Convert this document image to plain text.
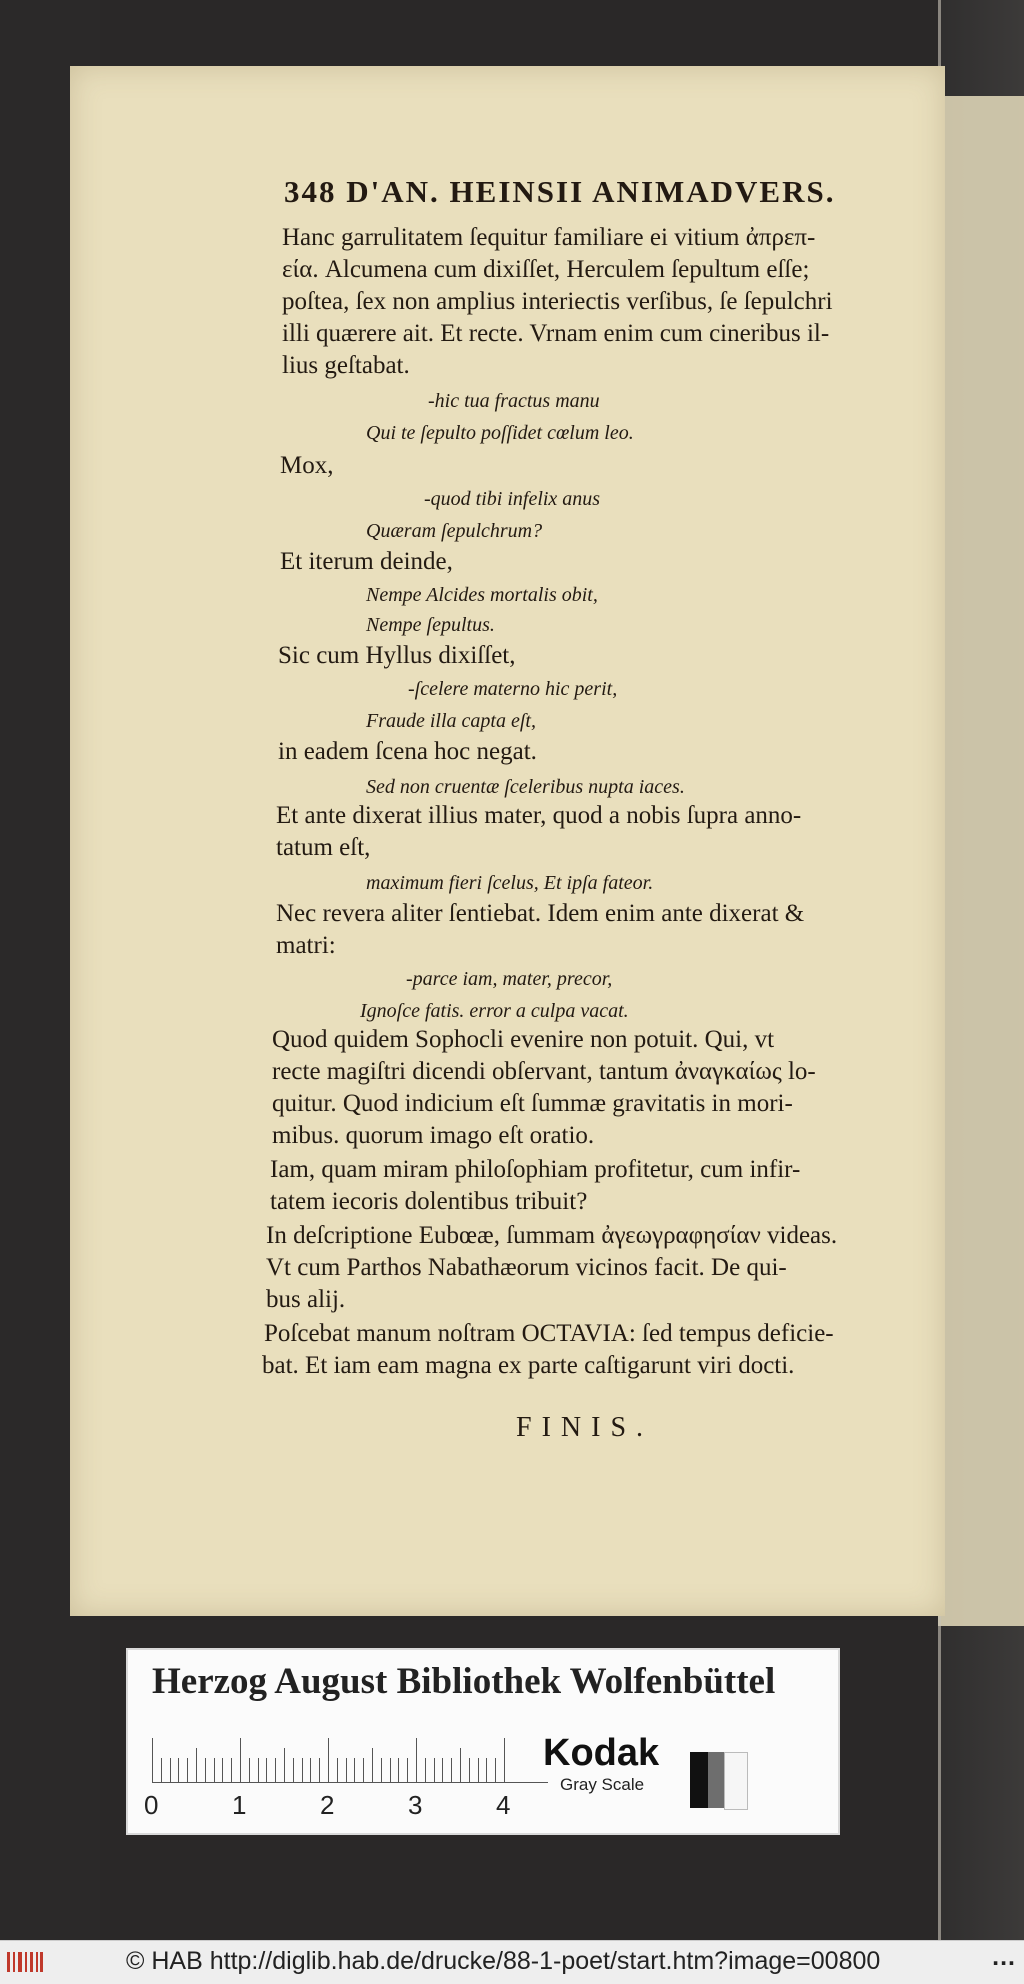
348 D'AN. HEINSII ANIMADVERS.
Hanc garrulitatem ſequitur familiare ei vitium ἀπρεπ-
εία. Alcumena cum dixiſſet, Herculem ſepultum eſſe;
poſtea, ſex non amplius interiectis verſibus, ſe ſepulchri
illi quærere ait. Et recte. Vrnam enim cum cineribus il-
lius geſtabat.
-hic tua fractus manu
Qui te ſepulto poſſidet cœlum leo.
Mox,
-quod tibi infelix anus
Quæram ſepulchrum?
Et iterum deinde,
Nempe Alcides mortalis obit,
Nempe ſepultus.
Sic cum Hyllus dixiſſet,
-ſcelere materno hic perit,
Fraude illa capta eſt,
in eadem ſcena hoc negat.
Sed non cruentæ ſceleribus nupta iaces.
Et ante dixerat illius mater, quod a nobis ſupra anno-
tatum eſt,
maximum fieri ſcelus, Et ipſa fateor.
Nec revera aliter ſentiebat. Idem enim ante dixerat &
matri:
-parce iam, mater, precor,
Ignoſce fatis. error a culpa vacat.
Quod quidem Sophocli evenire non potuit. Qui, vt
recte magiſtri dicendi obſervant, tantum ἀναγκαίως lo-
quitur. Quod indicium eſt ſummæ gravitatis in mori-
mibus. quorum imago eſt oratio.
Iam, quam miram philoſophiam profitetur, cum infir-
tatem iecoris dolentibus tribuit?
In deſcriptione Eubœæ, ſummam ἀγεωγραφησίαν videas.
Vt cum Parthos Nabathæorum vicinos facit. De qui-
bus alij.
Poſcebat manum noſtram OCTAVIA: ſed tempus deficie-
bat. Et iam eam magna ex parte caſtigarunt viri docti.
FINIS.
Herzog August Bibliothek Wolfenbüttel
0	1	2	3	4
Kodak
Gray Scale
© HAB http://diglib.hab.de/drucke/88-1-poet/start.htm?image=00800	...
